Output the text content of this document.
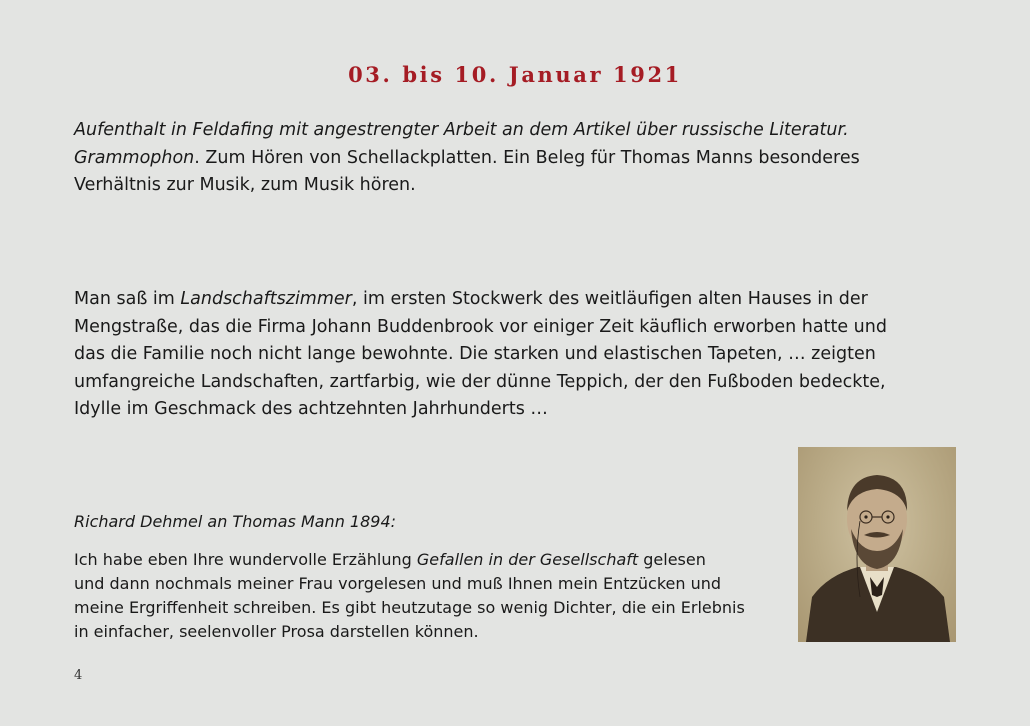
03. bis 10. Januar 1921

Aufenthalt in Feldafing mit angestrengter Arbeit an dem Artikel über russische Literatur.
Grammophon. Zum Hören von Schellackplatten. Ein Beleg für Thomas Manns besonderes
Verhältnis zur Musik, zum Musik hören.

Man saß im Landschaftszimmer, im ersten Stockwerk des weitläufigen alten Hauses in der
Mengstraße, das die Firma Johann Buddenbrook vor einiger Zeit käuflich erworben hatte und
das die Familie noch nicht lange bewohnte. Die starken und elastischen Tapeten, … zeigten
umfangreiche Landschaften, zartfarbig, wie der dünne Teppich, der den Fußboden bedeckte,
Idylle im Geschmack des achtzehnten Jahrhunderts …

Richard Dehmel an Thomas Mann 1894:

Ich habe eben Ihre wundervolle Erzählung Gefallen in der Gesellschaft gelesen
und dann nochmals meiner Frau vorgelesen und muß Ihnen mein Entzücken und
meine Ergriffenheit schreiben. Es gibt heutzutage so wenig Dichter, die ein Erlebnis
in einfacher, seelenvoller Prosa darstellen können.

4
